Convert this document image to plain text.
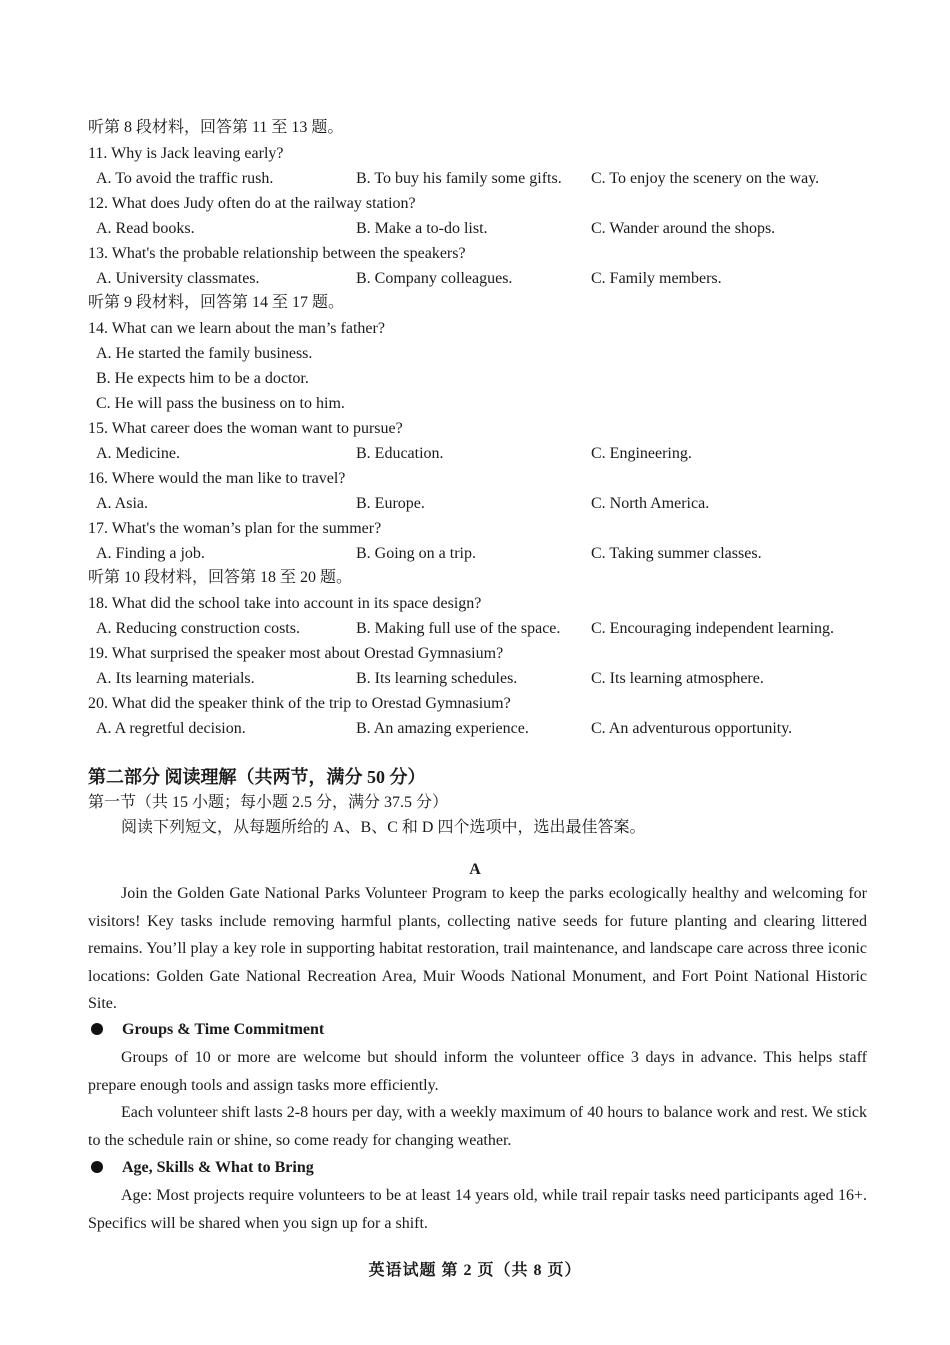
听第 8 段材料，回答第 11 至 13 题。
11. Why is Jack leaving early?
A. To avoid the traffic rush.	B. To buy his family some gifts. C. To enjoy the scenery on the way.
12. What does Judy often do at the railway station?
A. Read books.	B. Make a to-do list.	C. Wander around the shops.
13. What's the probable relationship between the speakers?
A. University classmates.	B. Company colleagues.	C. Family members.
听第 9 段材料，回答第 14 至 17 题。
14. What can we learn about the man’s father?
A. He started the family business.
B. He expects him to be a doctor.
C. He will pass the business on to him.
15. What career does the woman want to pursue?
A. Medicine.	B. Education.	C. Engineering.
16. Where would the man like to travel?
A. Asia.	B. Europe.	C. North America.
17. What's the woman’s plan for the summer?
A. Finding a job.	B. Going on a trip.	C. Taking summer classes.
听第 10 段材料，回答第 18 至 20 题。
18. What did the school take into account in its space design?
A. Reducing construction costs.	B. Making full use of the space. C. Encouraging independent learning.
19. What surprised the speaker most about Orestad Gymnasium?
A. Its learning materials.	B. Its learning schedules.	C. Its learning atmosphere.
20. What did the speaker think of the trip to Orestad Gymnasium?
A. A regretful decision.	B. An amazing experience.	C. An adventurous opportunity.
第二部分 阅读理解（共两节，满分 50 分）
第一节（共 15 小题；每小题 2.5 分，满分 37.5 分）
阅读下列短文，从每题所给的 A、B、C 和 D 四个选项中，选出最佳答案。
A
Join the Golden Gate National Parks Volunteer Program to keep the parks ecologically healthy and welcoming for visitors! Key tasks include removing harmful plants, collecting native seeds for future planting and clearing littered remains. You’ll play a key role in supporting habitat restoration, trail maintenance, and landscape care across three iconic locations: Golden Gate National Recreation Area, Muir Woods National Monument, and Fort Point National Historic Site.
Groups & Time Commitment
Groups of 10 or more are welcome but should inform the volunteer office 3 days in advance. This helps staff prepare enough tools and assign tasks more efficiently.
Each volunteer shift lasts 2-8 hours per day, with a weekly maximum of 40 hours to balance work and rest. We stick to the schedule rain or shine, so come ready for changing weather.
Age, Skills & What to Bring
Age: Most projects require volunteers to be at least 14 years old, while trail repair tasks need participants aged 16+. Specifics will be shared when you sign up for a shift.
英语试题 第 2 页（共 8 页）
